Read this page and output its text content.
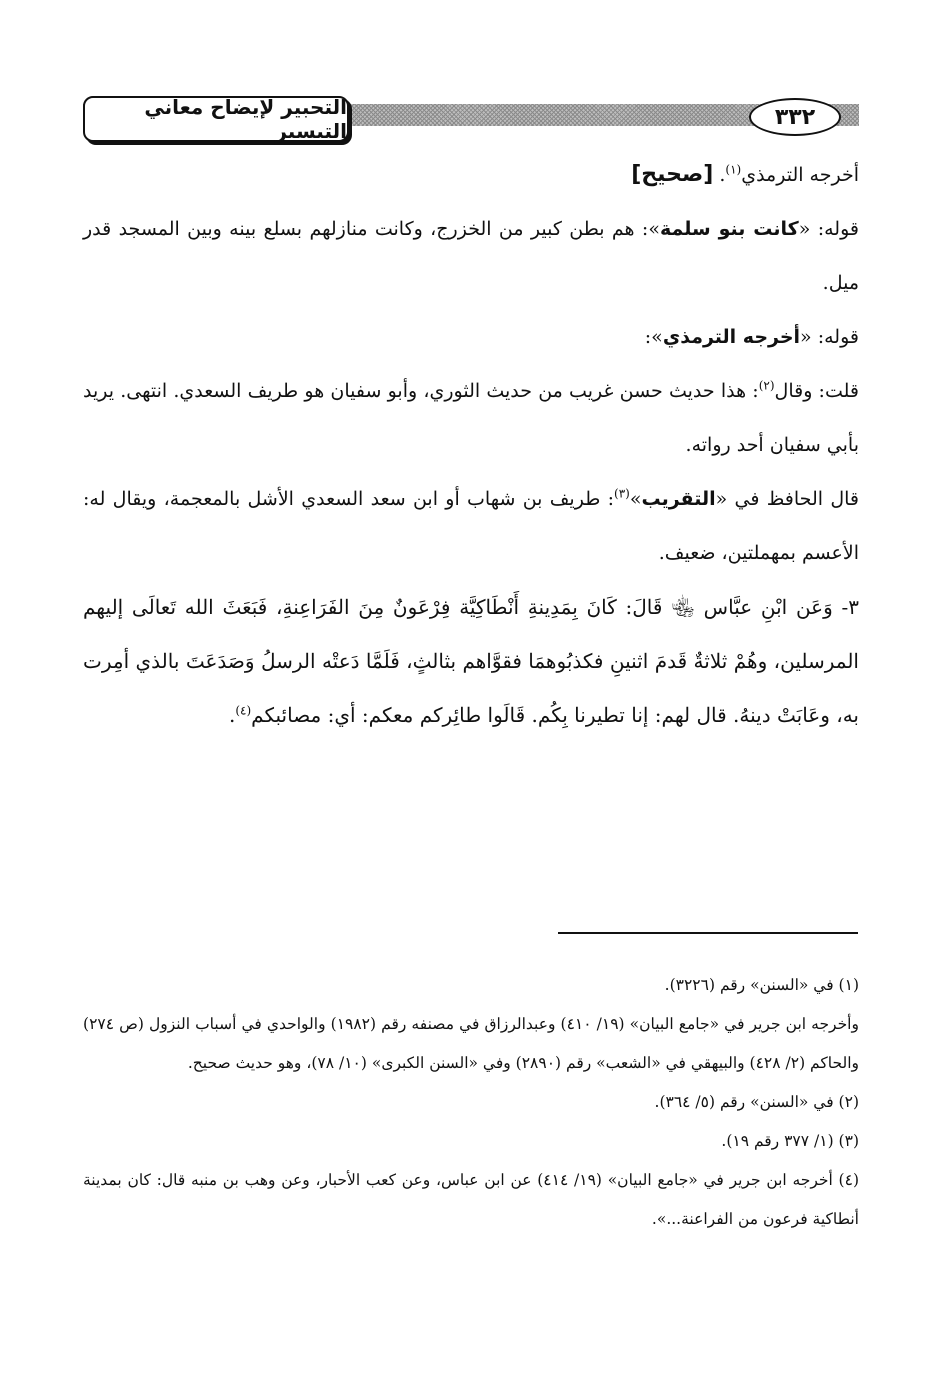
التحبير لإيضاح معاني التيسير
٣٣٢

أخرجه الترمذي$^{(١)}$. [صحيح]

قوله: «كانت بنو سلمة»: هم بطن كبير من الخزرج، وكانت منازلهم بسلع بينه وبين المسجد قدر ميل.

قوله: «أخرجه الترمذي»:

قلت: وقال$^{(٢)}$: هذا حديث حسن غريب من حديث الثوري، وأبو سفيان هو طريف السعدي. انتهى. يريد بأبي سفيان أحد رواته.

قال الحافظ في «التقريب»$^{(٣)}$: طريف بن شهاب أو ابن سعد السعدي الأشل بالمعجمة، ويقال له: الأعسم بمهملتين، ضعيف.

٣- وَعَن ابْنِ عبَّاس ﵄ قَالَ: كَانَ بِمَدِينةِ أَنْطَاكِيَّة فِرْعَونٌ مِنَ الفَرَاعِنةِ، فَبَعَثَ الله تَعالَى إليهم المرسلين، وهُمْ ثلاثةٌ قَدمَ اثنينِ فكذبُوهمَا فقوَّاهم بثالثٍ، فَلَمَّا دَعتْه الرسلُ وَصَدَعَتَ بالذي أمِرت به، وعَابَتْ دينهُ. قال لهم: إنا تطيرنا بِكُم. قَالَوا طائِركم معكم: أي: مصائبكم$^{(٤)}$.

(١) في «السنن» رقم (٣٢٢٦).

وأخرجه ابن جرير في «جامع البيان» (١٩/ ٤١٠) وعبدالرزاق في مصنفه رقم (١٩٨٢) والواحدي في أسباب النزول (ص ٢٧٤) والحاكم (٢/ ٤٢٨) والبيهقي في «الشعب» رقم (٢٨٩٠) وفي «السنن الكبرى» (١٠/ ٧٨)، وهو حديث صحيح.

(٢) في «السنن» رقم (٥/ ٣٦٤).

(٣) (١/ ٣٧٧ رقم ١٩).

(٤) أخرجه ابن جرير في «جامع البيان» (١٩/ ٤١٤) عن ابن عباس، وعن كعب الأحبار، وعن وهب بن منبه قال: كان بمدينة أنطاكية فرعون من الفراعنة...».
